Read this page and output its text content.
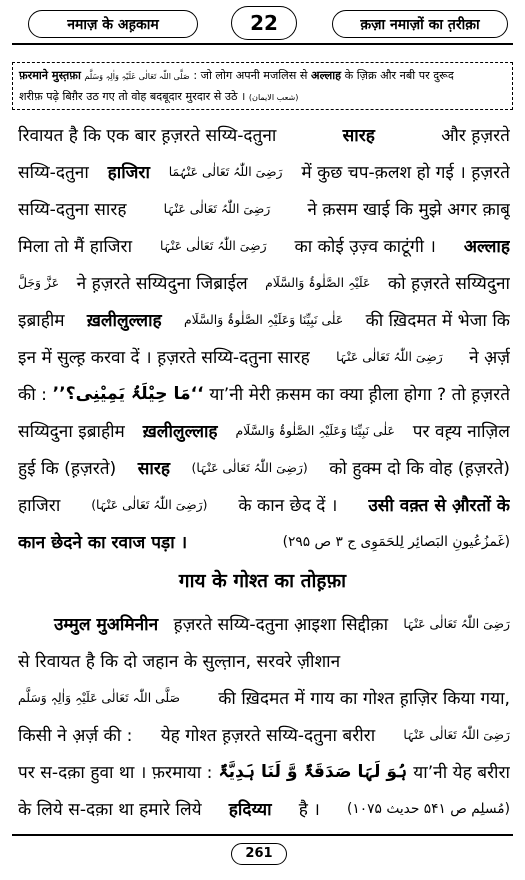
नमाज़ के अह़काम	22	क़ज़ा नमाज़ों का त़रीक़ा
फ़रमाने मुस्त़फ़ा صَلَّی اللّٰہ تَعَالٰی عَلَیْہِ وَاٰلِہٖ وَسَلَّم : जो लोग अपनी मजलिस से अल्लाह के ज़िक्र और नबी पर दुरूद
शरीफ़ पढ़े बिग़ैर उठ गए तो वोह बदबूदार मुरदार से उठे । (شعب الایمان)
रिवायत है कि एक बार ह़ज़रते सय्यि-दतुना	सारह	और ह़ज़रते
सय्यि-दतुना हाजिरा رَضِیَ اللّٰہُ تَعَالٰی عَنْہُمَا में कुछ चप-क़लश हो गई । ह़ज़रते
सय्यि-दतुना सारह	رَضِیَ اللّٰہُ تَعَالٰی عَنْہَا ने क़सम खाई कि मुझे अगर क़ाबू
मिला तो मैं हाजिरा رَضِیَ اللّٰہُ تَعَالٰی عَنْہَا का कोई उ़ज़्व काटूंगी । अल्लाह
عَزَّ وَجَلَّ ने ह़ज़रते सय्यिदुना जिब्राईल عَلَیْہِ الصَّلٰوۃُ وَالسَّلَام को ह़ज़रते सय्यिदुना
इब्राहीम ख़लीलुल्लाह عَلٰی نَبِیِّنَا وَعَلَیْہِ الصَّلٰوۃُ وَالسَّلَام की ख़िदमत में भेजा कि
इन में सुल्ह़ करवा दें । ह़ज़रते सय्यि-दतुना सारह رَضِیَ اللّٰہُ تَعَالٰی عَنْہَا ने अ़र्ज़
की : ‘‘مَا حِیْلَۃُ یَمِیْنِی؟’’ या’नी मेरी क़सम का क्या ह़ीला होगा ? तो ह़ज़रते
सय्यिदुना इब्राहीम ख़लीलुल्लाह عَلٰی نَبِیِّنَا وَعَلَیْہِ الصَّلٰوۃُ وَالسَّلَام पर वह़्य नाज़िल
हुई कि (ह़ज़रते) सारह (رَضِیَ اللّٰہُ تَعَالٰی عَنْہَا) को हुक्म दो कि वोह (ह़ज़रते)
हाजिरा (رَضِیَ اللّٰہُ تَعَالٰی عَنْہَا) के कान छेद दें । उसी वक़्त से औ़रतों के
कान छेदने का रवाज पड़ा ।	(غَمزُعُیونِ البَصائِر لِلحَمَوِی ج ۳ ص ۲۹۵)
गाय के गोश्त का तोह़फ़ा
उम्मुल मुअमिनीन ह़ज़रते सय्यि-दतुना आ़इशा सिद्दीक़ा رَضِیَ اللّٰہُ تَعَالٰی عَنْہَا
से रिवायत है कि दो जहान के सुल्त़ान, सरवरे ज़ीशान
صَلَّی اللّٰہ تَعَالٰی عَلَیْہِ وَاٰلِہٖ وَسَلَّم की ख़िदमत में गाय का गोश्त ह़ाज़िर किया गया,
किसी ने अ़र्ज़ की : येह गोश्त ह़ज़रते सय्यि-दतुना बरीरा رَضِیَ اللّٰہُ تَعَالٰی عَنْہَا
पर स-दक़ा हुवा था । फ़रमाया : ہُوَ لَہَا صَدَقَۃٌ وَّ لَنَا ہَدِیَّۃٌ या’नी येह बरीरा
के लिये स-दक़ा था हमारे लिये हदिय्या है । (مُسلِم ص ۵۴۱ حدیث ۱۰۷۵)
261
